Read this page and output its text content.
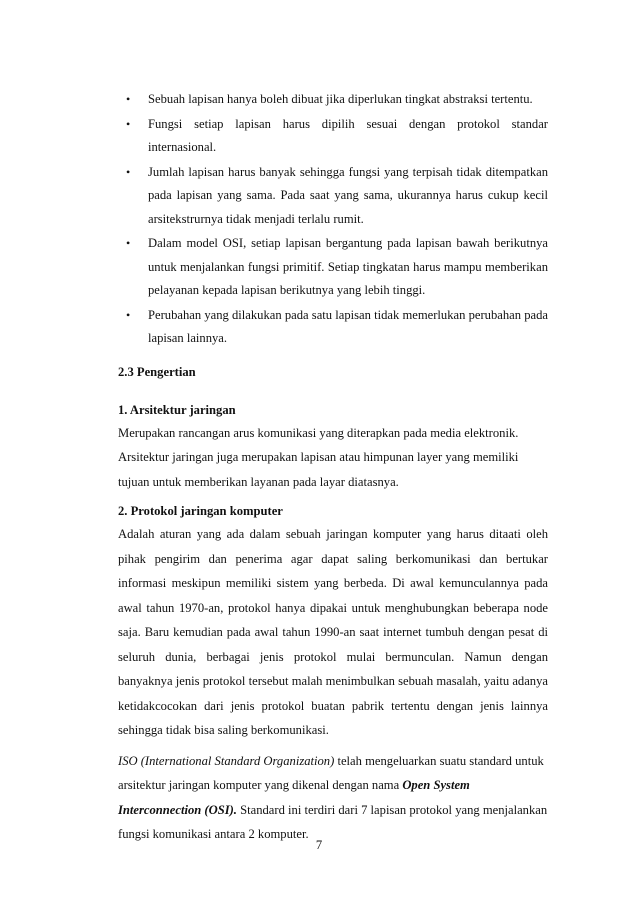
• Sebuah lapisan hanya boleh dibuat jika diperlukan tingkat abstraksi tertentu.
• Fungsi setiap lapisan harus dipilih sesuai dengan protokol standar internasional.
• Jumlah lapisan harus banyak sehingga fungsi yang terpisah tidak ditempatkan pada lapisan yang sama. Pada saat yang sama, ukurannya harus cukup kecil arsitekstrurnya tidak menjadi terlalu rumit.
• Dalam model OSI, setiap lapisan bergantung pada lapisan bawah berikutnya untuk menjalankan fungsi primitif. Setiap tingkatan harus mampu memberikan pelayanan kepada lapisan berikutnya yang lebih tinggi.
• Perubahan yang dilakukan pada satu lapisan tidak memerlukan perubahan pada lapisan lainnya.

2.3 Pengertian

1. Arsitektur jaringan

Merupakan rancangan arus komunikasi yang diterapkan pada media elektronik.

Arsitektur jaringan juga merupakan lapisan atau himpunan layer yang memiliki

tujuan untuk memberikan layanan pada layar diatasnya.

2. Protokol jaringan komputer

Adalah aturan yang ada dalam sebuah jaringan komputer yang harus ditaati oleh pihak pengirim dan penerima agar dapat saling berkomunikasi dan bertukar informasi meskipun memiliki sistem yang berbeda. Di awal kemunculannya pada awal tahun 1970-an, protokol hanya dipakai untuk menghubungkan beberapa node saja. Baru kemudian pada awal tahun 1990-an saat internet tumbuh dengan pesat di seluruh dunia, berbagai jenis protokol mulai bermunculan. Namun dengan banyaknya jenis protokol tersebut malah menimbulkan sebuah masalah, yaitu adanya ketidakcocokan dari jenis protokol buatan pabrik tertentu dengan jenis lainnya sehingga tidak bisa saling berkomunikasi.

ISO (International Standard Organization) telah mengeluarkan suatu standard untuk arsitektur jaringan komputer yang dikenal dengan nama Open System Interconnection (OSI). Standard ini terdiri dari 7 lapisan protokol yang menjalankan fungsi komunikasi antara 2 komputer.

7
